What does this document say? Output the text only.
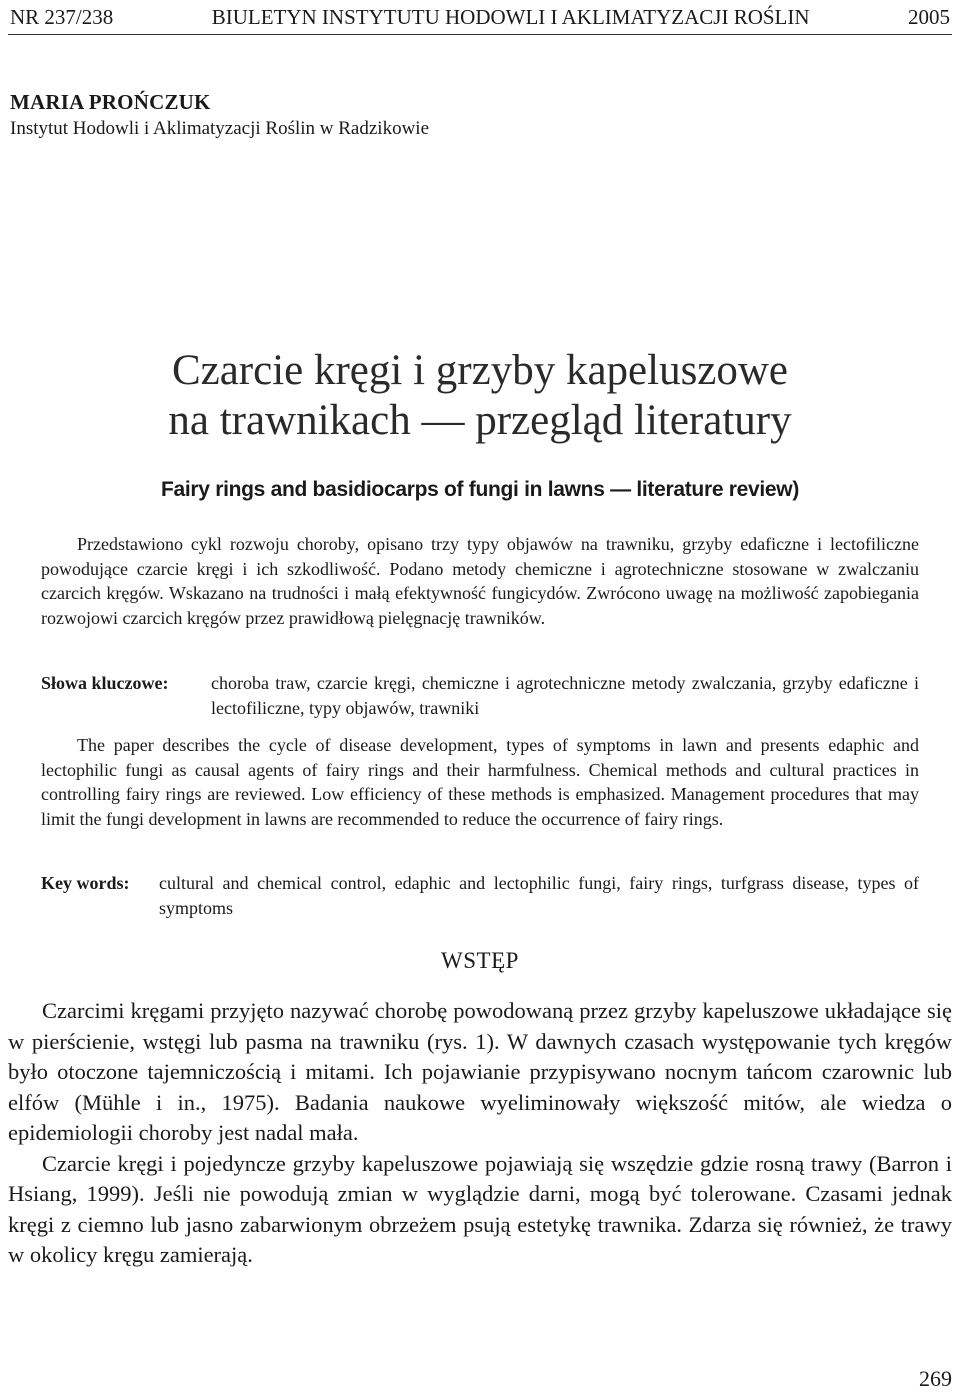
NR 237/238	BIULETYN INSTYTUTU HODOWLI I AKLIMATYZACJI ROŚLIN	2005
MARIA PROŃCZUK
Instytut Hodowli i Aklimatyzacji Roślin w Radzikowie
Czarcie kręgi i grzyby kapeluszowe
na trawnikach — przegląd literatury
Fairy rings and basidiocarps of fungi in lawns — literature review)
Przedstawiono cykl rozwoju choroby, opisano trzy typy objawów na trawniku, grzyby edaficzne i lectofiliczne powodujące czarcie kręgi i ich szkodliwość. Podano metody chemiczne i agrotechniczne stosowane w zwalczaniu czarcich kręgów. Wskazano na trudności i małą efektywność fungicydów. Zwrócono uwagę na możliwość zapobiegania rozwojowi czarcich kręgów przez prawidłową pielęgnację trawników.
Słowa kluczowe:	choroba traw, czarcie kręgi, chemiczne i agrotechniczne metody zwalczania, grzyby edaficzne i lectofiliczne, typy objawów, trawniki
The paper describes the cycle of disease development, types of symptoms in lawn and presents edaphic and lectophilic fungi as causal agents of fairy rings and their harmfulness. Chemical methods and cultural practices in controlling fairy rings are reviewed. Low efficiency of these methods is emphasized. Management procedures that may limit the fungi development in lawns are recommended to reduce the occurrence of fairy rings.
Key words:	cultural and chemical control, edaphic and lectophilic fungi, fairy rings, turfgrass disease, types of symptoms
WSTĘP

Czarcimi kręgami przyjęto nazywać chorobę powodowaną przez grzyby kapeluszowe układające się w pierścienie, wstęgi lub pasma na trawniku (rys. 1). W dawnych czasach występowanie tych kręgów było otoczone tajemniczością i mitami. Ich pojawianie przypisywano nocnym tańcom czarownic lub elfów (Mühle i in., 1975). Badania naukowe wyeliminowały większość mitów, ale wiedza o epidemiologii choroby jest nadal mała.

Czarcie kręgi i pojedyncze grzyby kapeluszowe pojawiają się wszędzie gdzie rosną trawy (Barron i Hsiang, 1999). Jeśli nie powodują zmian w wyglądzie darni, mogą być tolerowane. Czasami jednak kręgi z ciemno lub jasno zabarwionym obrzeżem psują estetykę trawnika. Zdarza się również, że trawy w okolicy kręgu zamierają.

269
